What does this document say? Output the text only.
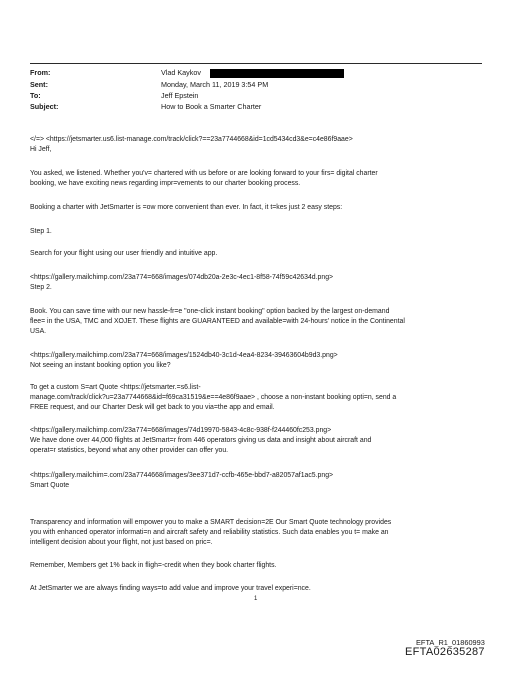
From:	Vlad Kaykov
Sent:	Monday, March 11, 2019 3:54 PM
To:	Jeff Epstein
Subject:	How to Book a Smarter Charter

</=> <https://jetsmarter.us6.list-manage.com/track/click?==23a7744668&id=1cd5434cd3&e=c4e86f9aae>
Hi Jeff,

You asked, we listened. Whether you'v= chartered with us before or are looking forward to your firs= digital charter
booking, we have exciting news regarding impr=vements to our charter booking process.

Booking a charter with JetSmarter is =ow more convenient than ever. In fact, it t=kes just 2 easy steps:

Step 1.

Search for your flight using our user friendly and intuitive app.

<https://gallery.mailchimp.com/23a774=668/images/074db20a-2e3c-4ec1-8f58-74f59c42634d.png>
Step 2.

Book. You can save time with our new hassle-fr=e "one-click instant booking" option backed by the largest on-demand
flee= in the USA, TMC and XOJET. These flights are GUARANTEED and available=with 24-hours' notice in the Continental
USA.

<https://gallery.mailchimp.com/23a774=668/images/1524db40-3c1d-4ea4-8234-39463604b9d3.png>
Not seeing an instant booking option you like?

To get a custom S=art Quote <https://jetsmarter.=s6.list-
manage.com/track/click?u=23a7744668&id=f69ca31519&e==4e86f9aae> , choose a non-instant booking opti=n, send a
FREE request, and our Charter Desk will get back to you via=the app and email.

<https://gallery.mailchimp.com/23a774=668/images/74d19970-5843-4c8c-938f-f244460fc253.png>
We have done over 44,000 flights at JetSmart=r from 446 operators giving us data and insight about aircraft and
operat=r statistics, beyond what any other provider can offer you.

<https://gallery.mailchim=.com/23a7744668/images/3ee371d7-ccfb-465e-bbd7-a82057af1ac5.png>
Smart Quote

Transparency and information will empower you to make a SMART decision=2E Our Smart Quote technology provides
you with enhanced operator informati=n and aircraft safety and reliability statistics. Such data enables you t= make an
intelligent decision about your flight, not just based on pric=.

Remember, Members get 1% back in fligh=-credit when they book charter flights.

At JetSmarter we are always finding ways=to add value and improve your travel experi=nce.

1
EFTA_R1_01860993
EFTA02635287
